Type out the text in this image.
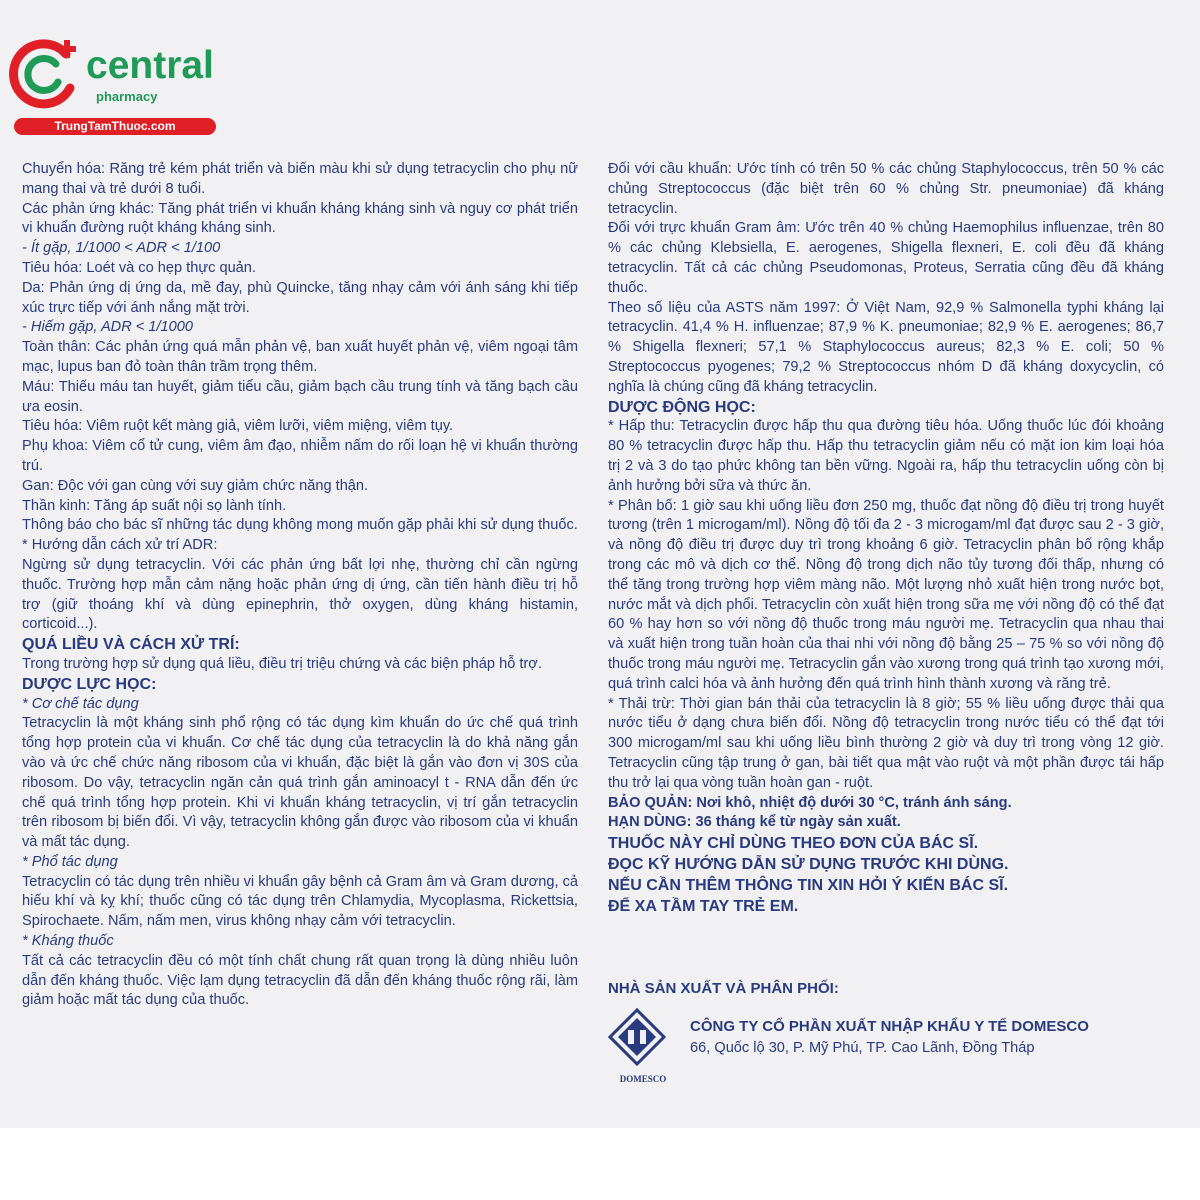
central
pharmacy
TrungTamThuoc.com

Chuyển hóa: Răng trẻ kém phát triển và biến màu khi sử dụng tetracyclin cho phụ nữ mang thai và trẻ dưới 8 tuổi.

Các phản ứng khác: Tăng phát triển vi khuẩn kháng kháng sinh và nguy cơ phát triển vi khuẩn đường ruột kháng kháng sinh.

- Ít gặp, 1/1000 < ADR < 1/100

Tiêu hóa: Loét và co hẹp thực quản.

Da: Phản ứng dị ứng da, mề đay, phù Quincke, tăng nhạy cảm với ánh sáng khi tiếp xúc trực tiếp với ánh nắng mặt trời.

- Hiếm gặp, ADR < 1/1000

Toàn thân: Các phản ứng quá mẫn phản vệ, ban xuất huyết phản vệ, viêm ngoại tâm mạc, lupus ban đỏ toàn thân trầm trọng thêm.

Máu: Thiếu máu tan huyết, giảm tiểu cầu, giảm bạch cầu trung tính và tăng bạch cầu ưa eosin.

Tiêu hóa: Viêm ruột kết màng giả, viêm lưỡi, viêm miệng, viêm tụy.

Phụ khoa: Viêm cổ tử cung, viêm âm đạo, nhiễm nấm do rối loạn hệ vi khuẩn thường trú.

Gan: Độc với gan cùng với suy giảm chức năng thận.

Thần kinh: Tăng áp suất nội sọ lành tính.

Thông báo cho bác sĩ những tác dụng không mong muốn gặp phải khi sử dụng thuốc.

* Hướng dẫn cách xử trí ADR:

Ngừng sử dụng tetracyclin. Với các phản ứng bất lợi nhẹ, thường chỉ cần ngừng thuốc. Trường hợp mẫn cảm nặng hoặc phản ứng dị ứng, cần tiến hành điều trị hỗ trợ (giữ thoáng khí và dùng epinephrin, thở oxygen, dùng kháng histamin, corticoid...).

QUÁ LIỀU VÀ CÁCH XỬ TRÍ:

Trong trường hợp sử dụng quá liều, điều trị triệu chứng và các biện pháp hỗ trợ.

DƯỢC LỰC HỌC:

* Cơ chế tác dụng

Tetracyclin là một kháng sinh phổ rộng có tác dụng kìm khuẩn do ức chế quá trình tổng hợp protein của vi khuẩn. Cơ chế tác dụng của tetracyclin là do khả năng gắn vào và ức chế chức năng ribosom của vi khuẩn, đặc biệt là gắn vào đơn vị 30S của ribosom. Do vậy, tetracyclin ngăn cản quá trình gắn aminoacyl t - RNA dẫn đến ức chế quá trình tổng hợp protein. Khi vi khuẩn kháng tetracyclin, vị trí gắn tetracyclin trên ribosom bị biến đổi. Vì vậy, tetracyclin không gắn được vào ribosom của vi khuẩn và mất tác dụng.

* Phổ tác dụng

Tetracyclin có tác dụng trên nhiều vi khuẩn gây bệnh cả Gram âm và Gram dương, cả hiếu khí và kỵ khí; thuốc cũng có tác dụng trên Chlamydia, Mycoplasma, Rickettsia, Spirochaete. Nấm, nấm men, virus không nhạy cảm với tetracyclin.

* Kháng thuốc

Tất cả các tetracyclin đều có một tính chất chung rất quan trọng là dùng nhiều luôn dẫn đến kháng thuốc. Việc lạm dụng tetracyclin đã dẫn đến kháng thuốc rộng rãi, làm giảm hoặc mất tác dụng của thuốc.

Đối với cầu khuẩn: Ước tính có trên 50 % các chủng Staphylococcus, trên 50 % các chủng Streptococcus (đặc biệt trên 60 % chủng Str. pneumoniae) đã kháng tetracyclin.

Đối với trực khuẩn Gram âm: Ước trên 40 % chủng Haemophilus influenzae, trên 80 % các chủng Klebsiella, E. aerogenes, Shigella flexneri, E. coli đều đã kháng tetracyclin. Tất cả các chủng Pseudomonas, Proteus, Serratia cũng đều đã kháng thuốc.

Theo số liệu của ASTS năm 1997: Ở Việt Nam, 92,9 % Salmonella typhi kháng lại tetracyclin. 41,4 % H. influenzae; 87,9 % K. pneumoniae; 82,9 % E. aerogenes; 86,7 % Shigella flexneri; 57,1 % Staphylococcus aureus; 82,3 % E. coli; 50 % Streptococcus pyogenes; 79,2 % Streptococcus nhóm D đã kháng doxycyclin, có nghĩa là chúng cũng đã kháng tetracyclin.

DƯỢC ĐỘNG HỌC:

* Hấp thu: Tetracyclin được hấp thu qua đường tiêu hóa. Uống thuốc lúc đói khoảng 80 % tetracyclin được hấp thu. Hấp thu tetracyclin giảm nếu có mặt ion kim loại hóa trị 2 và 3 do tạo phức không tan bền vững. Ngoài ra, hấp thu tetracyclin uống còn bị ảnh hưởng bởi sữa và thức ăn.

* Phân bố: 1 giờ sau khi uống liều đơn 250 mg, thuốc đạt nồng độ điều trị trong huyết tương (trên 1 microgam/ml). Nồng độ tối đa 2 - 3 microgam/ml đạt được sau 2 - 3 giờ, và nồng độ điều trị được duy trì trong khoảng 6 giờ. Tetracyclin phân bố rộng khắp trong các mô và dịch cơ thể. Nồng độ trong dịch não tủy tương đối thấp, nhưng có thể tăng trong trường hợp viêm màng não. Một lượng nhỏ xuất hiện trong nước bọt, nước mắt và dịch phổi. Tetracyclin còn xuất hiện trong sữa mẹ với nồng độ có thể đạt 60 % hay hơn so với nồng độ thuốc trong máu người mẹ. Tetracyclin qua nhau thai và xuất hiện trong tuần hoàn của thai nhi với nồng độ bằng 25 – 75 % so với nồng độ thuốc trong máu người mẹ. Tetracyclin gắn vào xương trong quá trình tạo xương mới, quá trình calci hóa và ảnh hưởng đến quá trình hình thành xương và răng trẻ.

* Thải trừ: Thời gian bán thải của tetracyclin là 8 giờ; 55 % liều uống được thải qua nước tiểu ở dạng chưa biến đổi. Nồng độ tetracyclin trong nước tiểu có thể đạt tới 300 microgam/ml sau khi uống liều bình thường 2 giờ và duy trì trong vòng 12 giờ. Tetracyclin cũng tập trung ở gan, bài tiết qua mật vào ruột và một phần được tái hấp thu trở lại qua vòng tuần hoàn gan - ruột.

BẢO QUẢN: Nơi khô, nhiệt độ dưới 30 °C, tránh ánh sáng.

HẠN DÙNG: 36 tháng kể từ ngày sản xuất.

THUỐC NÀY CHỈ DÙNG THEO ĐƠN CỦA BÁC SĨ.

ĐỌC KỸ HƯỚNG DẪN SỬ DỤNG TRƯỚC KHI DÙNG.

NẾU CẦN THÊM THÔNG TIN XIN HỎI Ý KIẾN BÁC SĨ.

ĐỂ XA TẦM TAY TRẺ EM.

NHÀ SẢN XUẤT VÀ PHÂN PHỐI:
DOMESCO
CÔNG TY CỔ PHẦN XUẤT NHẬP KHẨU Y TẾ DOMESCO
66, Quốc lộ 30, P. Mỹ Phú, TP. Cao Lãnh, Đồng Tháp
